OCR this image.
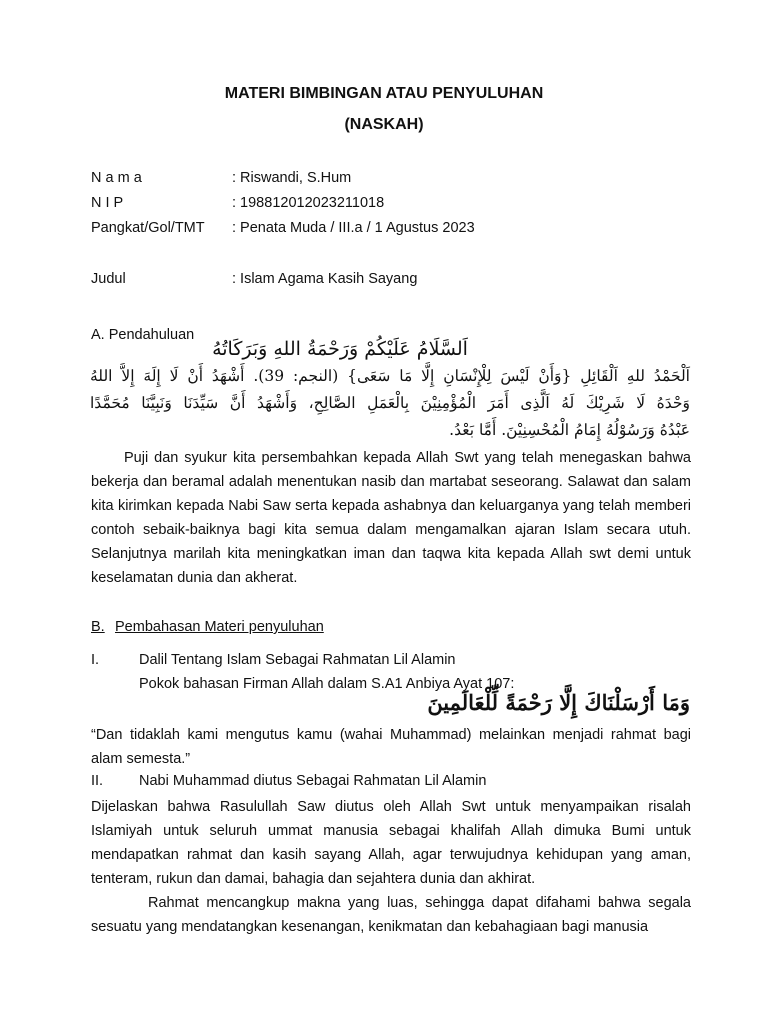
MATERI BIMBINGAN ATAU PENYULUHAN
(NASKAH)
N a m a	: Riswandi, S.Hum
N I P	: 198812012023211018
Pangkat/Gol/TMT : Penata Muda / III.a / 1 Agustus 2023
Judul	: Islam Agama Kasih Sayang
A. Pendahuluan
اَلسَّلَامُ عَلَيْكُمْ وَرَحْمَةُ اللهِ وَبَرَكَاتُهُ
اَلْحَمْدُ للهِ اَلْقَائِلِ {وَأَنْ لَيْسَ لِلْإِنْسَانِ إِلَّا مَا سَعَى} (النجم: 39). أَشْهَدُ أَنْ لَا إِلَهَ إِلاَّ اللهُ
وَحْدَهُ لَا شَرِيْكَ لَهُ اَلَّذِى أَمَرَ الْمُؤْمِنِيْنَ بِالْعَمَلِ الصَّالِحِ، وَأَشْهَدُ أَنَّ سَيِّدَنَا وَنَبِيَّنَا مُحَمَّدًا
عَبْدُهُ وَرَسُوْلُهُ إِمَامُ الْمُحْسِنِيْنَ. أَمَّا بَعْدُ.
Puji dan syukur kita persembahkan kepada Allah Swt yang telah menegaskan bahwa bekerja dan beramal adalah menentukan nasib dan martabat seseorang. Salawat dan salam kita kirimkan kepada Nabi Saw serta kepada ashabnya dan keluarganya yang telah memberi contoh sebaik-baiknya bagi kita semua dalam mengamalkan ajaran Islam secara utuh. Selanjutnya marilah kita meningkatkan iman dan taqwa kita kepada Allah swt demi untuk keselamatan dunia dan akherat.
B. Pembahasan Materi penyuluhan
I.	Dalil Tentang Islam Sebagai Rahmatan Lil Alamin
Pokok bahasan Firman Allah dalam S.A1 Anbiya Ayat 107:
وَمَا أَرْسَلْنَاكَ إِلَّا رَحْمَةً لِّلْعَالَمِينَ
“Dan tidaklah kami mengutus kamu (wahai Muhammad) melainkan menjadi rahmat bagi alam semesta.”
II. Nabi Muhammad diutus Sebagai Rahmatan Lil Alamin
Dijelaskan bahwa Rasulullah Saw diutus oleh Allah Swt untuk menyampaikan risalah Islamiyah untuk seluruh ummat manusia sebagai khalifah Allah dimuka Bumi untuk mendapatkan rahmat dan kasih sayang Allah, agar terwujudnya kehidupan yang aman, tenteram, rukun dan damai, bahagia dan sejahtera dunia dan akhirat.
Rahmat mencangkup makna yang luas, sehingga dapat difahami bahwa segala sesuatu yang mendatangkan kesenangan, kenikmatan dan kebahagiaan bagi manusia
